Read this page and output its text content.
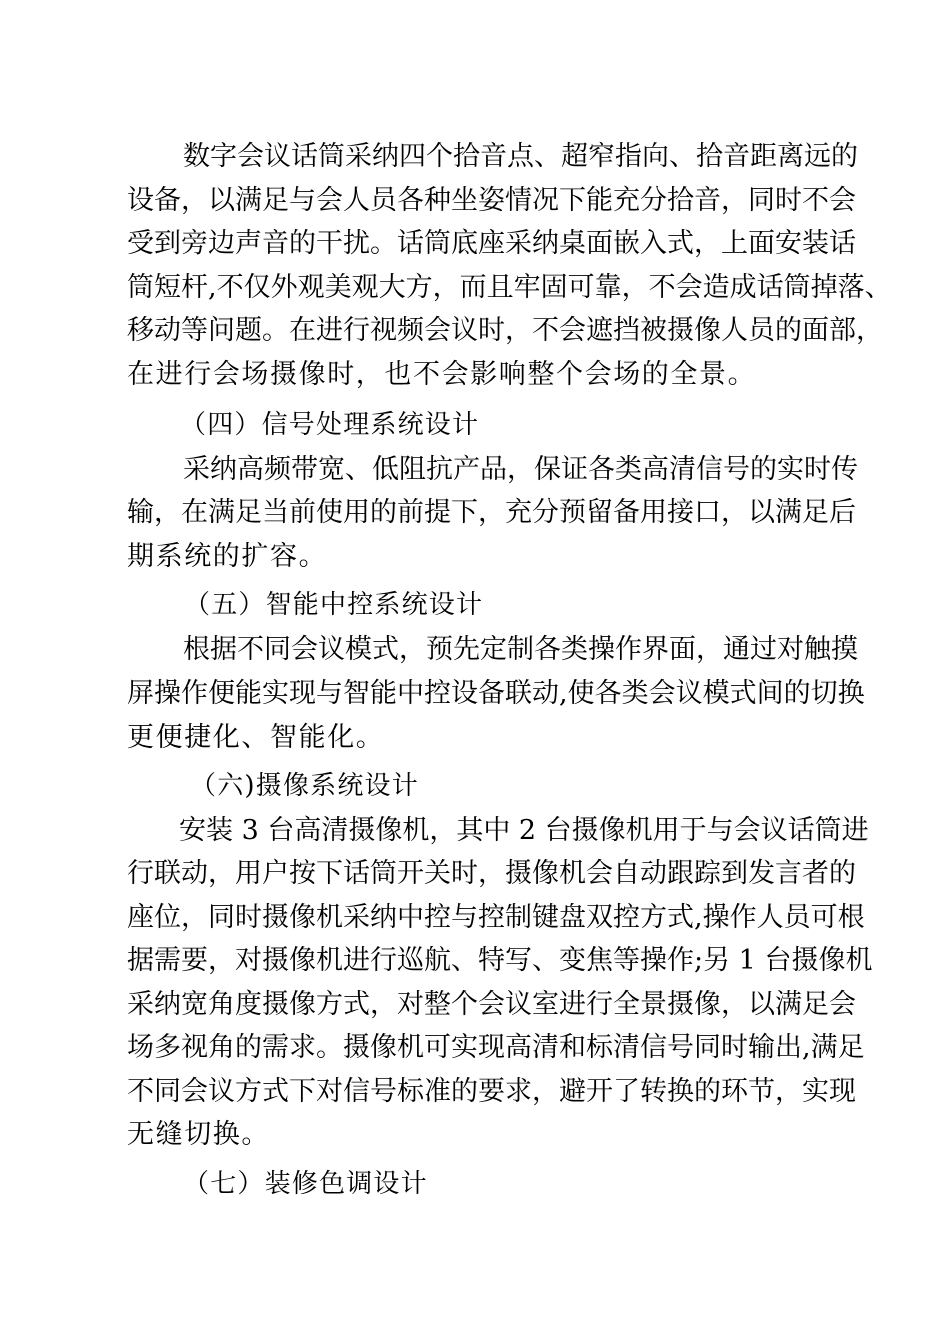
数字会议话筒采纳四个拾音点、超窄指向、拾音距离远的
设备，以满足与会人员各种坐姿情况下能充分拾音，同时不会
受到旁边声音的干扰。话筒底座采纳桌面嵌入式，上面安装话
筒短杆,不仅外观美观大方，而且牢固可靠，不会造成话筒掉落、
移动等问题。在进行视频会议时，不会遮挡被摄像人员的面部，
在进行会场摄像时，也不会影响整个会场的全景。
（四）信号处理系统设计
采纳高频带宽、低阻抗产品，保证各类高清信号的实时传
输，在满足当前使用的前提下，充分预留备用接口，以满足后
期系统的扩容。
（五）智能中控系统设计
根据不同会议模式，预先定制各类操作界面，通过对触摸
屏操作便能实现与智能中控设备联动,使各类会议模式间的切换
更便捷化、智能化。
（六)摄像系统设计
安装 3 台高清摄像机，其中 2 台摄像机用于与会议话筒进
行联动，用户按下话筒开关时，摄像机会自动跟踪到发言者的
座位，同时摄像机采纳中控与控制键盘双控方式,操作人员可根
据需要，对摄像机进行巡航、特写、变焦等操作;另 1 台摄像机
采纳宽角度摄像方式，对整个会议室进行全景摄像，以满足会
场多视角的需求。摄像机可实现高清和标清信号同时输出,满足
不同会议方式下对信号标准的要求，避开了转换的环节，实现
无缝切换。
（七）装修色调设计
